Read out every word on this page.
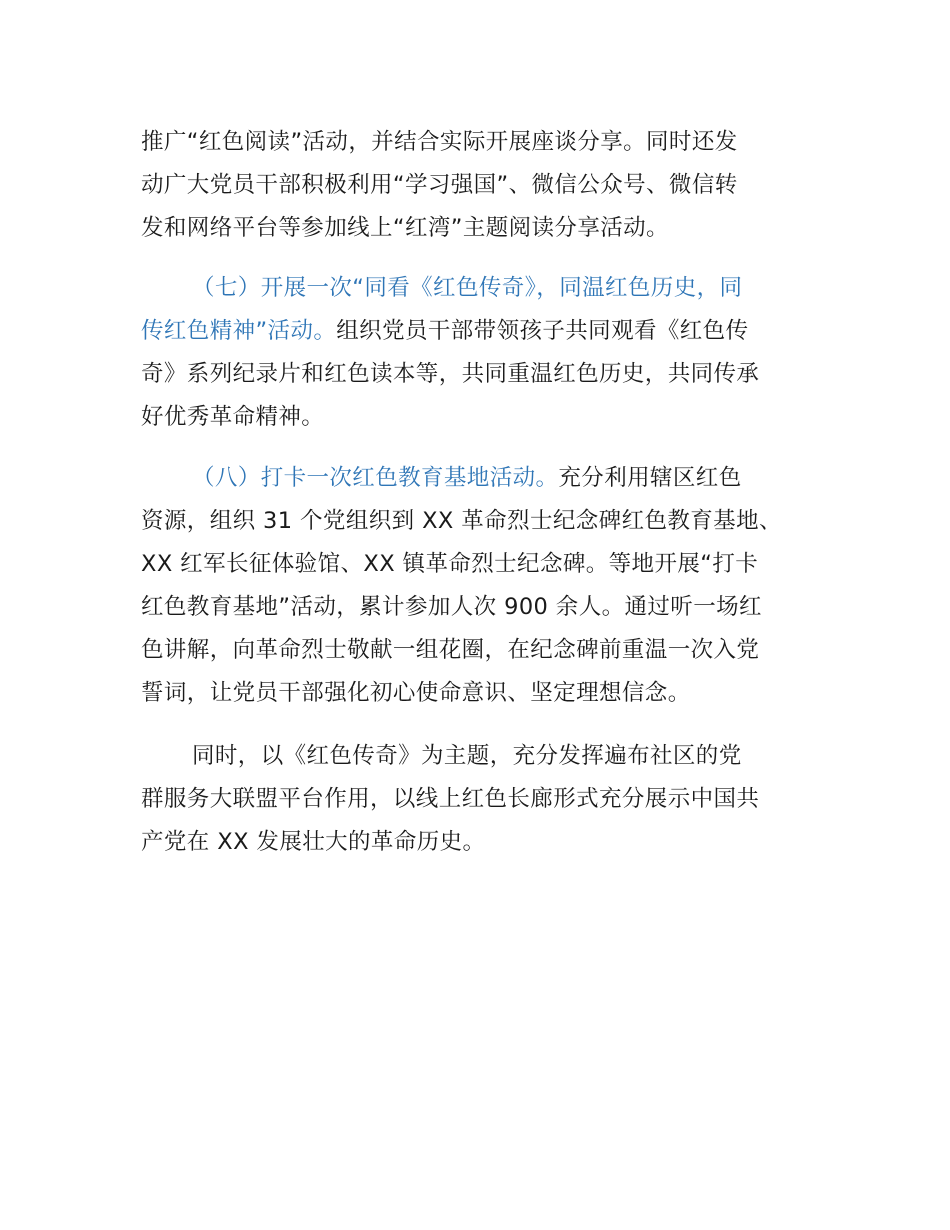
推广“红色阅读”活动，并结合实际开展座谈分享。同时还发

动广大党员干部积极利用“学习强国”、微信公众号、微信转

发和网络平台等参加线上“红湾”主题阅读分享活动。

（七）开展一次“同看《红色传奇》，同温红色历史，同

传红色精神”活动。组织党员干部带领孩子共同观看《红色传

奇》系列纪录片和红色读本等，共同重温红色历史，共同传承

好优秀革命精神。

（八）打卡一次红色教育基地活动。充分利用辖区红色

资源，组织 31 个党组织到 XX 革命烈士纪念碑红色教育基地、

XX 红军长征体验馆、XX 镇革命烈士纪念碑。等地开展“打卡

红色教育基地”活动，累计参加人次 900 余人。通过听一场红

色讲解，向革命烈士敬献一组花圈，在纪念碑前重温一次入党

誓词，让党员干部强化初心使命意识、坚定理想信念。

同时，以《红色传奇》为主题，充分发挥遍布社区的党

群服务大联盟平台作用，以线上红色长廊形式充分展示中国共

产党在 XX 发展壮大的革命历史。
